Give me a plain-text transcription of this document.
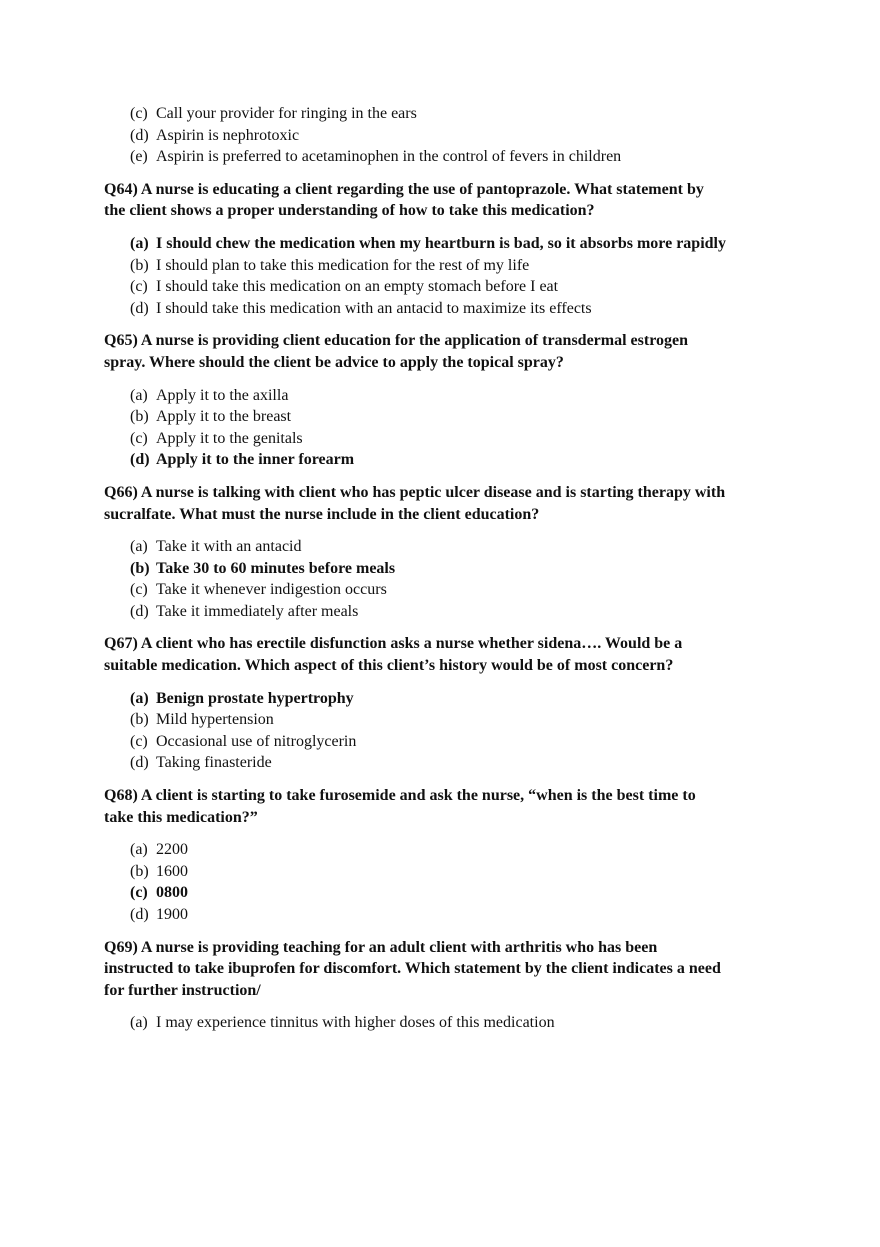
(c) Call your provider for ringing in the ears
(d) Aspirin is nephrotoxic
(e) Aspirin is preferred to acetaminophen in the control of fevers in children
Q64) A nurse is educating a client regarding the use of pantoprazole. What statement by
the client shows a proper understanding of how to take this medication?
(a) I should chew the medication when my heartburn is bad, so it absorbs more rapidly
(b) I should plan to take this medication for the rest of my life
(c) I should take this medication on an empty stomach before I eat
(d) I should take this medication with an antacid to maximize its effects
Q65) A nurse is providing client education for the application of transdermal estrogen
spray. Where should the client be advice to apply the topical spray?
(a) Apply it to the axilla
(b) Apply it to the breast
(c) Apply it to the genitals
(d) Apply it to the inner forearm
Q66) A nurse is talking with client who has peptic ulcer disease and is starting therapy with
sucralfate. What must the nurse include in the client education?
(a) Take it with an antacid
(b) Take 30 to 60 minutes before meals
(c) Take it whenever indigestion occurs
(d) Take it immediately after meals
Q67) A client who has erectile disfunction asks a nurse whether sidena…. Would be a
suitable medication. Which aspect of this client’s history would be of most concern?
(a) Benign prostate hypertrophy
(b) Mild hypertension
(c) Occasional use of nitroglycerin
(d) Taking finasteride
Q68) A client is starting to take furosemide and ask the nurse, “when is the best time to
take this medication?”
(a) 2200
(b) 1600
(c) 0800
(d) 1900
Q69) A nurse is providing teaching for an adult client with arthritis who has been
instructed to take ibuprofen for discomfort. Which statement by the client indicates a need
for further instruction/
(a) I may experience tinnitus with higher doses of this medication
